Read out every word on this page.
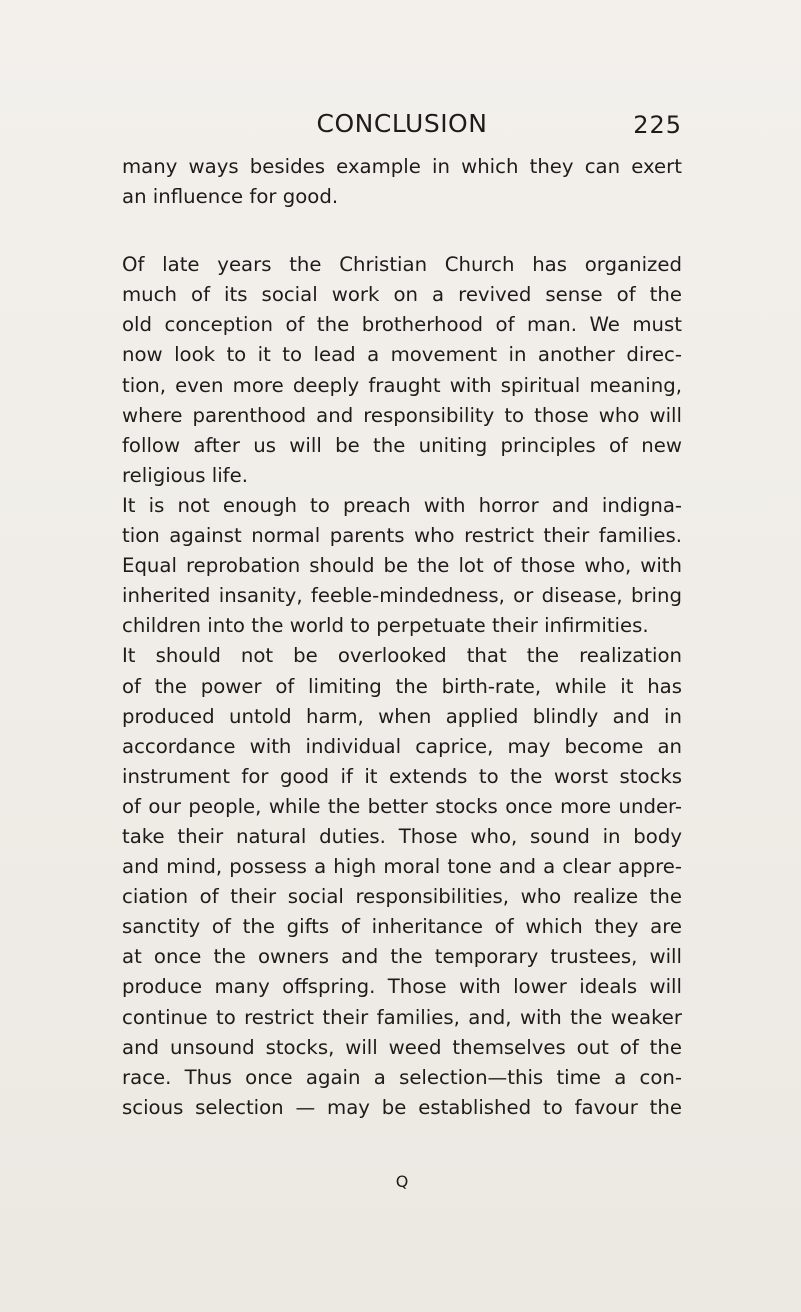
CONCLUSION	225
many ways besides example in which they can exert
an influence for good.
Of late years the Christian Church has organized
much of its social work on a revived sense of the
old conception of the brotherhood of man. We must
now look to it to lead a movement in another direc-
tion, even more deeply fraught with spiritual meaning,
where parenthood and responsibility to those who will
follow after us will be the uniting principles of new
religious life.
It is not enough to preach with horror and indigna-
tion against normal parents who restrict their families.
Equal reprobation should be the lot of those who, with
inherited insanity, feeble-mindedness, or disease, bring
children into the world to perpetuate their infirmities.
It should not be overlooked that the realization
of the power of limiting the birth-rate, while it has
produced untold harm, when applied blindly and in
accordance with individual caprice, may become an
instrument for good if it extends to the worst stocks
of our people, while the better stocks once more under-
take their natural duties. Those who, sound in body
and mind, possess a high moral tone and a clear appre-
ciation of their social responsibilities, who realize the
sanctity of the gifts of inheritance of which they are
at once the owners and the temporary trustees, will
produce many offspring. Those with lower ideals will
continue to restrict their families, and, with the weaker
and unsound stocks, will weed themselves out of the
race. Thus once again a selection—this time a con-
scious selection — may be established to favour the
Q
